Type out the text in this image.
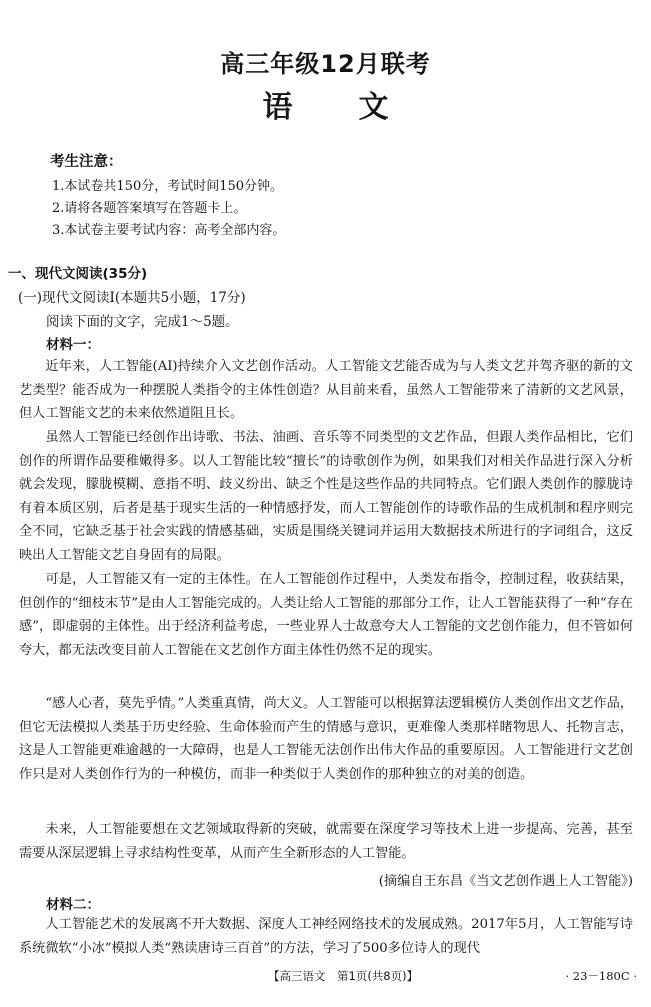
高三年级12月联考
语文
考生注意：
1.本试卷共150分，考试时间150分钟。
2.请将各题答案填写在答题卡上。
3.本试卷主要考试内容：高考全部内容。
一、现代文阅读(35分)
(一)现代文阅读Ⅰ(本题共5小题，17分)
阅读下面的文字，完成1～5题。
材料一：

近年来，人工智能(AI)持续介入文艺创作活动。人工智能文艺能否成为与人类文艺并驾齐驱的新的文艺类型？能否成为一种摆脱人类指令的主体性创造？从目前来看，虽然人工智能带来了清新的文艺风景，但人工智能文艺的未来依然道阻且长。

虽然人工智能已经创作出诗歌、书法、油画、音乐等不同类型的文艺作品，但跟人类作品相比，它们创作的所谓作品要稚嫩得多。以人工智能比较“擅长”的诗歌创作为例，如果我们对相关作品进行深入分析就会发现，朦胧模糊、意指不明、歧义纷出、缺乏个性是这些作品的共同特点。它们跟人类创作的朦胧诗有着本质区别，后者是基于现实生活的一种情感抒发，而人工智能创作的诗歌作品的生成机制和程序则完全不同，它缺乏基于社会实践的情感基础，实质是围绕关键词并运用大数据技术所进行的字词组合，这反映出人工智能文艺自身固有的局限。

可是，人工智能又有一定的主体性。在人工智能创作过程中，人类发布指令，控制过程，收获结果，但创作的“细枝末节”是由人工智能完成的。人类让给人工智能的那部分工作，让人工智能获得了一种“存在感”，即虚弱的主体性。出于经济利益考虑，一些业界人士故意夸大人工智能的文艺创作能力，但不管如何夸大，都无法改变目前人工智能在文艺创作方面主体性仍然不足的现实。

“感人心者，莫先乎情。”人类重真情，尚大义。人工智能可以根据算法逻辑模仿人类创作出文艺作品，但它无法模拟人类基于历史经验、生命体验而产生的情感与意识，更难像人类那样睹物思人、托物言志，这是人工智能更难逾越的一大障碍，也是人工智能无法创作出伟大作品的重要原因。人工智能进行文艺创作只是对人类创作行为的一种模仿，而非一种类似于人类创作的那种独立的对美的创造。

未来，人工智能要想在文艺领域取得新的突破，就需要在深度学习等技术上进一步提高、完善，甚至需要从深层逻辑上寻求结构性变革，从而产生全新形态的人工智能。

(摘编自王东昌《当文艺创作遇上人工智能》)
材料二：

人工智能艺术的发展离不开大数据、深度人工神经网络技术的发展成熟。2017年5月，人工智能写诗系统微软“小冰”模拟人类“熟读唐诗三百首”的方法，学习了500多位诗人的现代

【高三语文　第1页(共8页)】	· 23－180C ·
